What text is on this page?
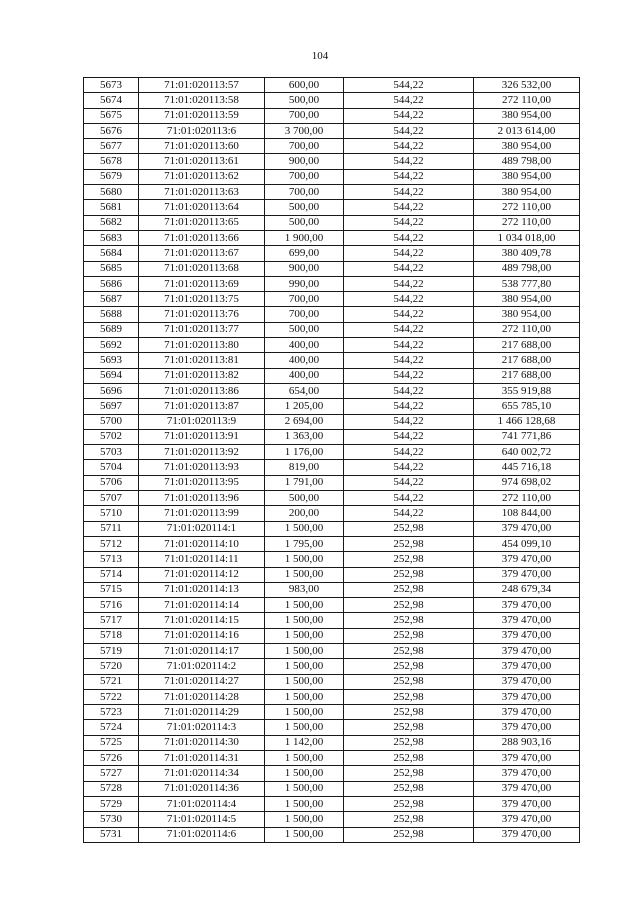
104
5673	71:01:020113:57	600,00	544,22	326 532,00
5674	71:01:020113:58	500,00	544,22	272 110,00
5675	71:01:020113:59	700,00	544,22	380 954,00
5676	71:01:020113:6	3 700,00	544,22	2 013 614,00
5677	71:01:020113:60	700,00	544,22	380 954,00
5678	71:01:020113:61	900,00	544,22	489 798,00
5679	71:01:020113:62	700,00	544,22	380 954,00
5680	71:01:020113:63	700,00	544,22	380 954,00
5681	71:01:020113:64	500,00	544,22	272 110,00
5682	71:01:020113:65	500,00	544,22	272 110,00
5683	71:01:020113:66	1 900,00	544,22	1 034 018,00
5684	71:01:020113:67	699,00	544,22	380 409,78
5685	71:01:020113:68	900,00	544,22	489 798,00
5686	71:01:020113:69	990,00	544,22	538 777,80
5687	71:01:020113:75	700,00	544,22	380 954,00
5688	71:01:020113:76	700,00	544,22	380 954,00
5689	71:01:020113:77	500,00	544,22	272 110,00
5692	71:01:020113:80	400,00	544,22	217 688,00
5693	71:01:020113:81	400,00	544,22	217 688,00
5694	71:01:020113:82	400,00	544,22	217 688,00
5696	71:01:020113:86	654,00	544,22	355 919,88
5697	71:01:020113:87	1 205,00	544,22	655 785,10
5700	71:01:020113:9	2 694,00	544,22	1 466 128,68
5702	71:01:020113:91	1 363,00	544,22	741 771,86
5703	71:01:020113:92	1 176,00	544,22	640 002,72
5704	71:01:020113:93	819,00	544,22	445 716,18
5706	71:01:020113:95	1 791,00	544,22	974 698,02
5707	71:01:020113:96	500,00	544,22	272 110,00
5710	71:01:020113:99	200,00	544,22	108 844,00
5711	71:01:020114:1	1 500,00	252,98	379 470,00
5712	71:01:020114:10	1 795,00	252,98	454 099,10
5713	71:01:020114:11	1 500,00	252,98	379 470,00
5714	71:01:020114:12	1 500,00	252,98	379 470,00
5715	71:01:020114:13	983,00	252,98	248 679,34
5716	71:01:020114:14	1 500,00	252,98	379 470,00
5717	71:01:020114:15	1 500,00	252,98	379 470,00
5718	71:01:020114:16	1 500,00	252,98	379 470,00
5719	71:01:020114:17	1 500,00	252,98	379 470,00
5720	71:01:020114:2	1 500,00	252,98	379 470,00
5721	71:01:020114:27	1 500,00	252,98	379 470,00
5722	71:01:020114:28	1 500,00	252,98	379 470,00
5723	71:01:020114:29	1 500,00	252,98	379 470,00
5724	71:01:020114:3	1 500,00	252,98	379 470,00
5725	71:01:020114:30	1 142,00	252,98	288 903,16
5726	71:01:020114:31	1 500,00	252,98	379 470,00
5727	71:01:020114:34	1 500,00	252,98	379 470,00
5728	71:01:020114:36	1 500,00	252,98	379 470,00
5729	71:01:020114:4	1 500,00	252,98	379 470,00
5730	71:01:020114:5	1 500,00	252,98	379 470,00
5731	71:01:020114:6	1 500,00	252,98	379 470,00
